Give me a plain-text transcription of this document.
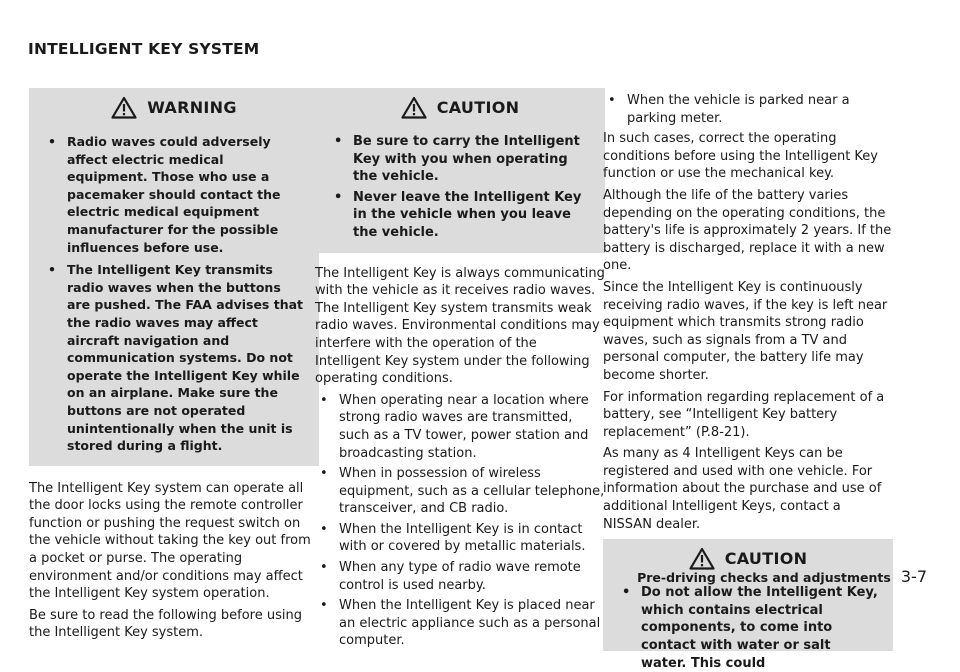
INTELLIGENT KEY SYSTEM
WARNING
• Radio waves could adversely affect electric medical equipment. Those who use a pacemaker should contact the electric medical equipment manufacturer for the possible influences before use.
• The Intelligent Key transmits radio waves when the buttons are pushed. The FAA advises that the radio waves may affect aircraft navigation and communication systems. Do not operate the Intelligent Key while on an airplane. Make sure the buttons are not operated unintentionally when the unit is stored during a flight.

The Intelligent Key system can operate all the door locks using the remote controller function or pushing the request switch on the vehicle without taking the key out from a pocket or purse. The operating environment and/or conditions may affect the Intelligent Key system operation.

Be sure to read the following before using the Intelligent Key system.

CAUTION
• Be sure to carry the Intelligent Key with you when operating the vehicle.
• Never leave the Intelligent Key in the vehicle when you leave the vehicle.

The Intelligent Key is always communicating with the vehicle as it receives radio waves. The Intelligent Key system transmits weak radio waves. Environmental conditions may interfere with the operation of the Intelligent Key system under the following operating conditions.

• When operating near a location where strong radio waves are transmitted, such as a TV tower, power station and broadcasting station.
• When in possession of wireless equipment, such as a cellular telephone, transceiver, and CB radio.
• When the Intelligent Key is in contact with or covered by metallic materials.
• When any type of radio wave remote control is used nearby.
• When the Intelligent Key is placed near an electric appliance such as a personal computer.
• When the vehicle is parked near a parking meter.

In such cases, correct the operating conditions before using the Intelligent Key function or use the mechanical key.

Although the life of the battery varies depending on the operating conditions, the battery's life is approximately 2 years. If the battery is discharged, replace it with a new one.

Since the Intelligent Key is continuously receiving radio waves, if the key is left near equipment which transmits strong radio waves, such as signals from a TV and personal computer, the battery life may become shorter.

For information regarding replacement of a battery, see “Intelligent Key battery replacement” (P.8-21).

As many as 4 Intelligent Keys can be registered and used with one vehicle. For information about the purchase and use of additional Intelligent Keys, contact a NISSAN dealer.

CAUTION
• Do not allow the Intelligent Key, which contains electrical components, to come into contact with water or salt water. This could
Pre-driving checks and adjustments 3-7
